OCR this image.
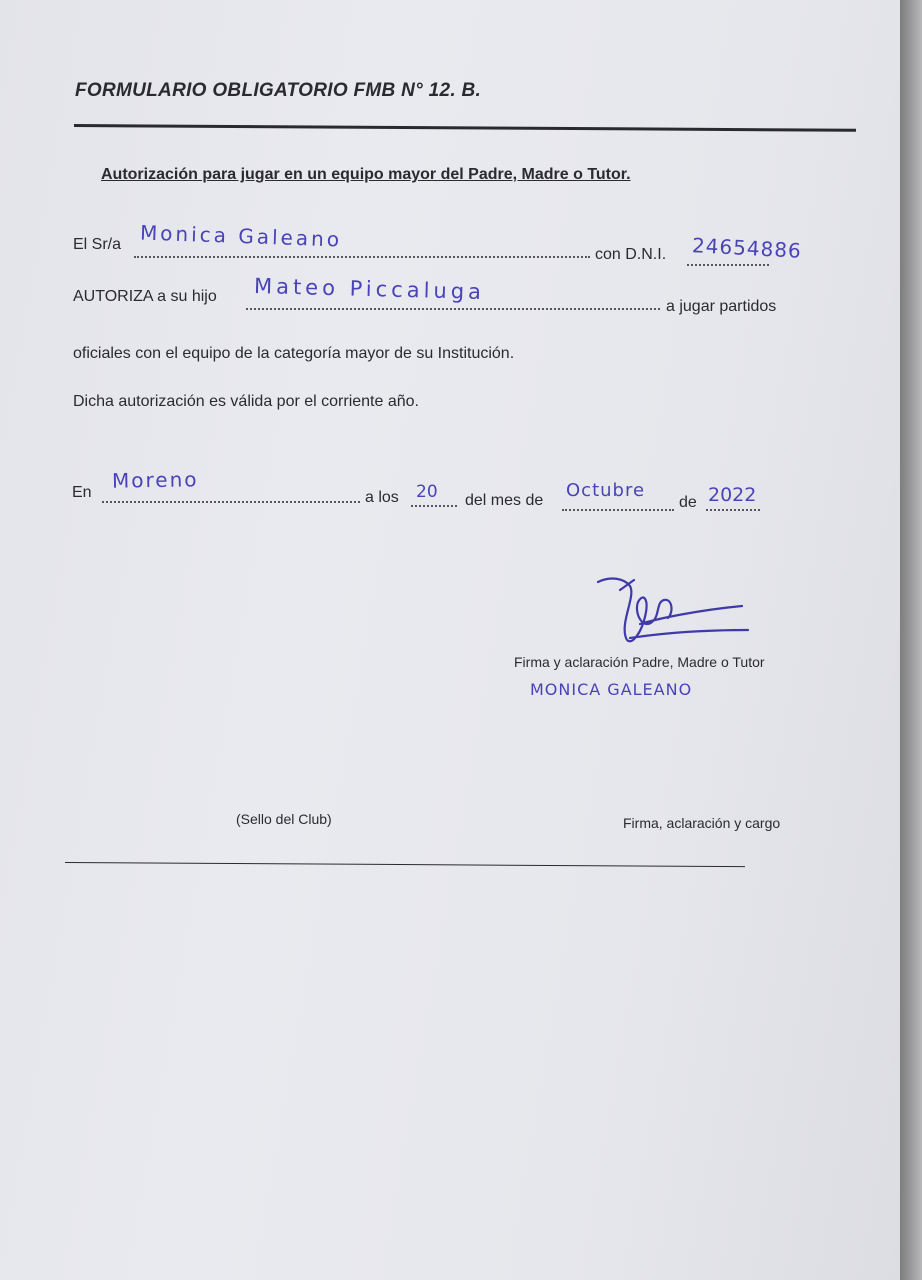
FORMULARIO OBLIGATORIO FMB N° 12. B.
Autorización para jugar en un equipo mayor del Padre, Madre o Tutor.
El Sr/a Monica Galeano
con D.N.I. 24654886
AUTORIZA a su hijo Mateo Piccaluga
a jugar partidos
oficiales con el equipo de la categoría mayor de su Institución.
Dicha autorización es válida por el corriente año.
En Moreno
a los 20 del mes de Octubre
de 2022
Firma y aclaración Padre, Madre o Tutor
MONICA GALEANO
(Sello del Club)	Firma, aclaración y cargo
